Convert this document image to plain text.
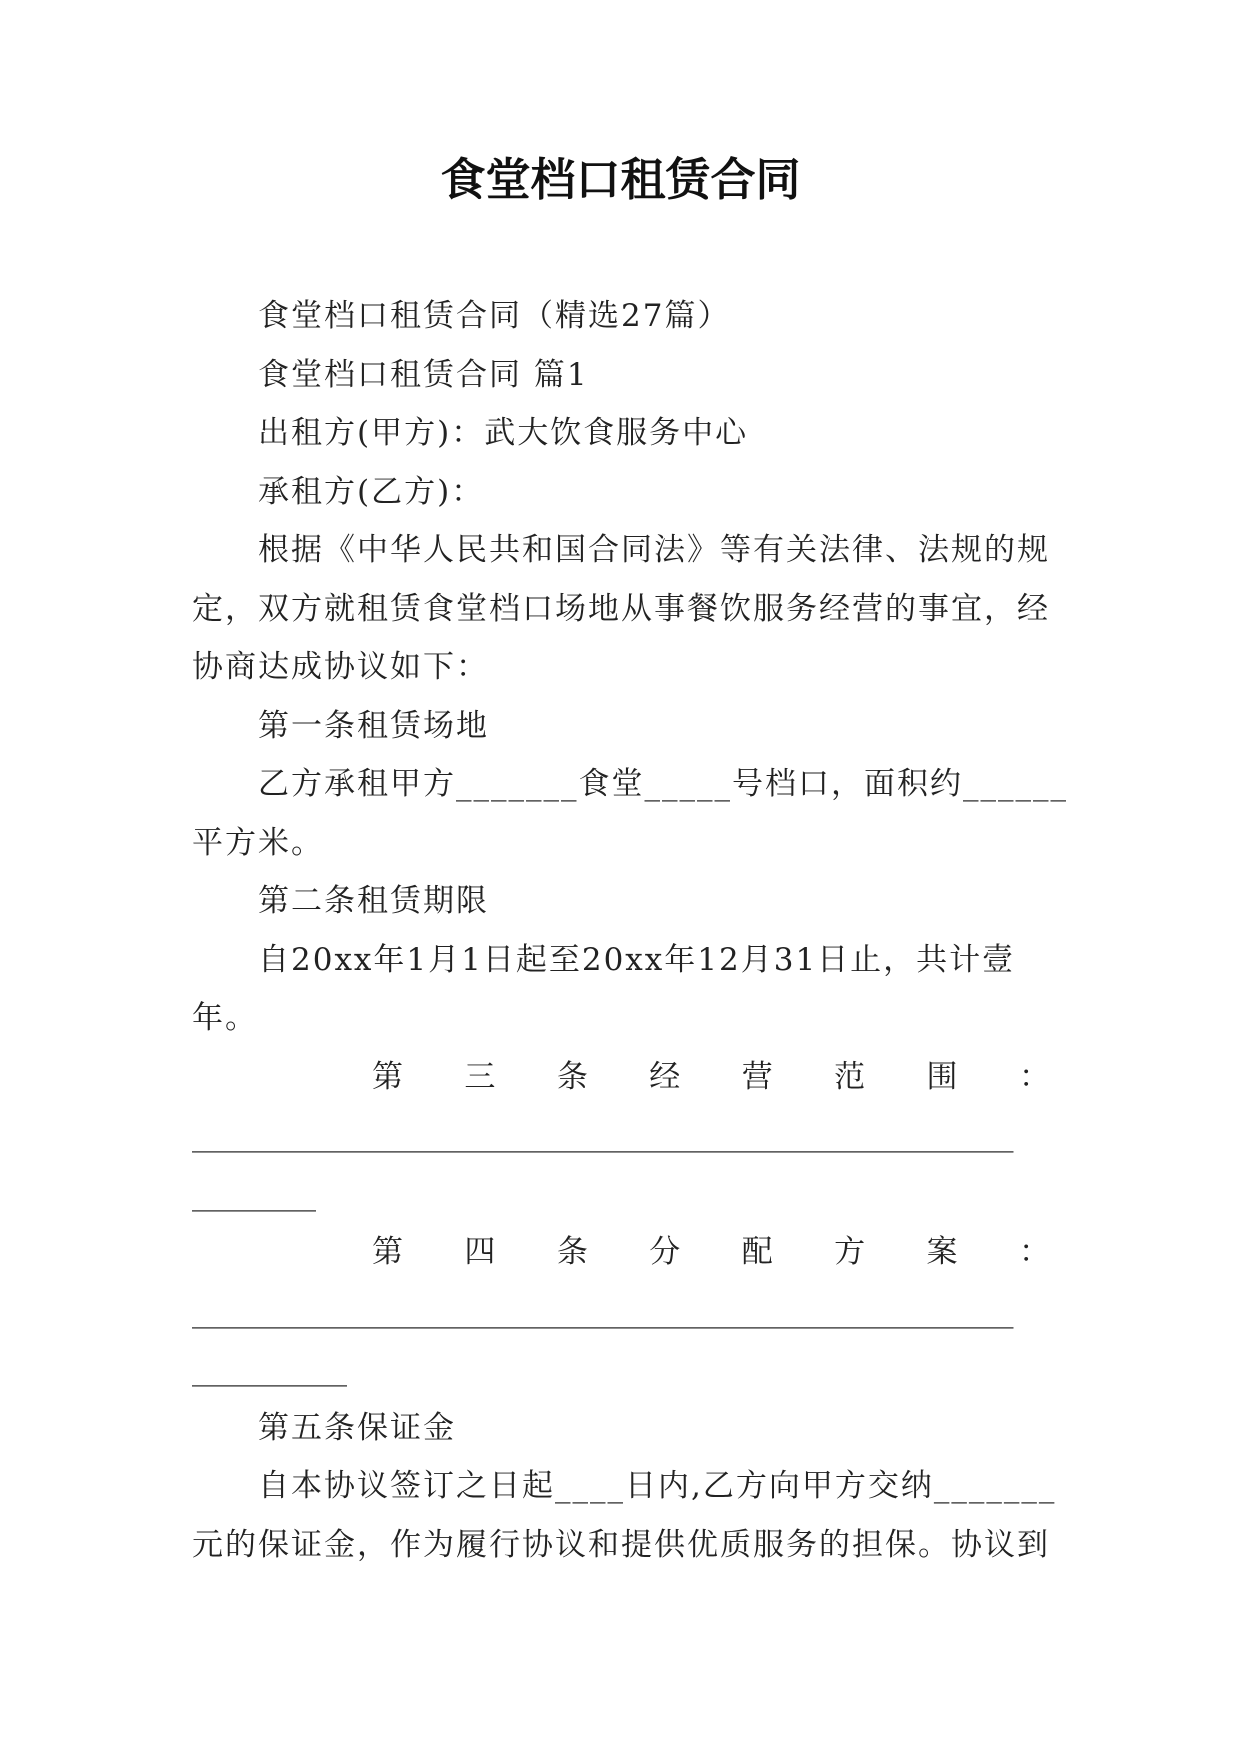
食堂档口租赁合同

食堂档口租赁合同（精选27篇）

食堂档口租赁合同 篇1

出租方(甲方)：武大饮食服务中心

承租方(乙方)：

根据《中华人民共和国合同法》等有关法律、法规的规

定，双方就租赁食堂档口场地从事餐饮服务经营的事宜，经

协商达成协议如下：

第一条租赁场地

乙方承租甲方_______食堂_____号档口，面积约______

平方米。

第二条租赁期限

自20xx年1月1日起至20xx年12月31日止，共计壹

年。

第 三 条 经 营 范 围 ：

_____________________________________________________

________

第 四 条 分 配 方 案 ：

_____________________________________________________

__________

第五条保证金

自本协议签订之日起____日内,乙方向甲方交纳_______

元的保证金，作为履行协议和提供优质服务的担保。协议到
